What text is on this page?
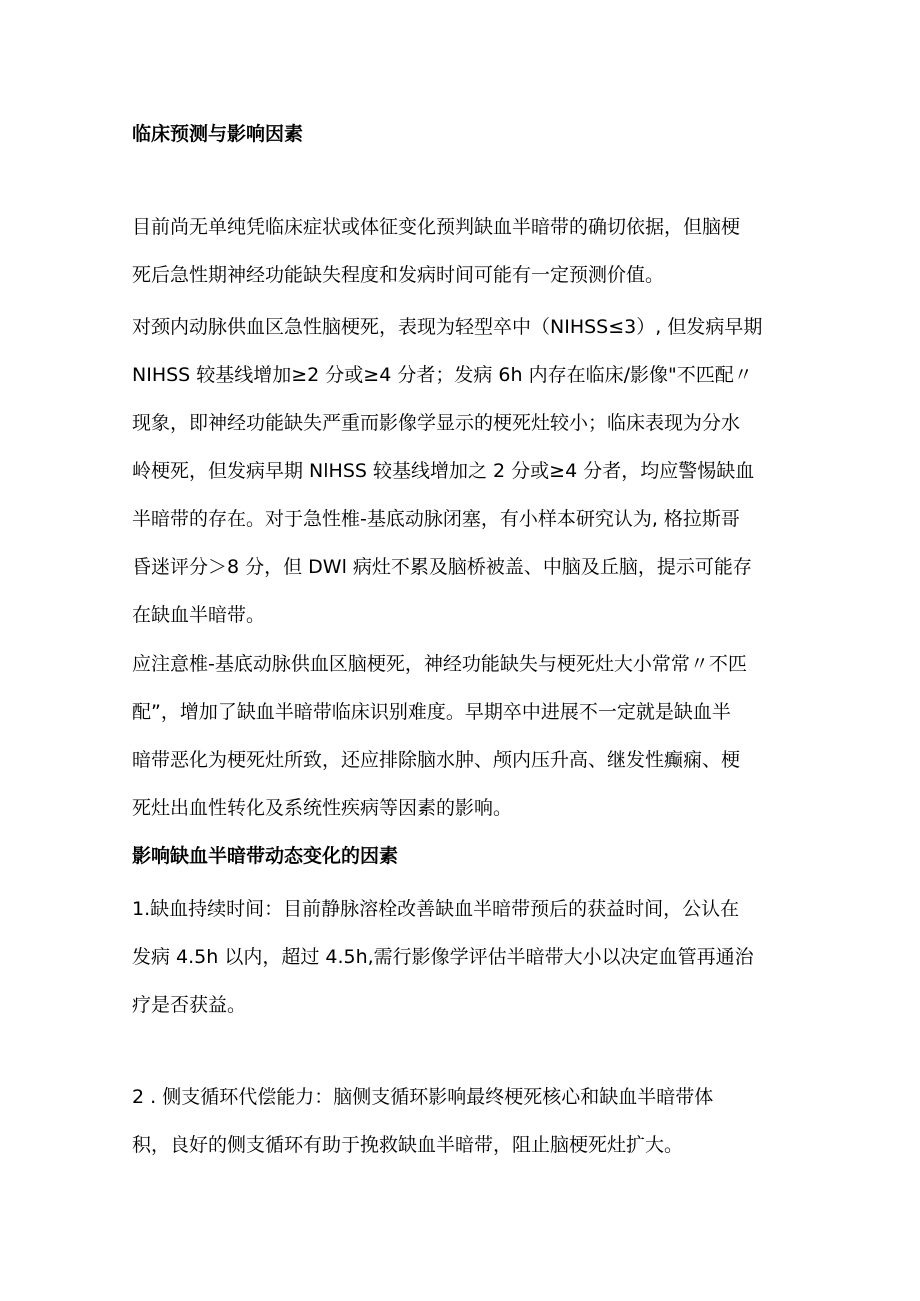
临床预测与影响因素
目前尚无单纯凭临床症状或体征变化预判缺血半暗带的确切依据，但脑梗
死后急性期神经功能缺失程度和发病时间可能有一定预测价值。
对颈内动脉供血区急性脑梗死，表现为轻型卒中（NIHSS≤3）, 但发病早期
NIHSS 较基线增加≥2 分或≥4 分者；发病 6h 内存在临床/影像"不匹配〃
现象，即神经功能缺失严重而影像学显示的梗死灶较小；临床表现为分水
岭梗死，但发病早期 NlHSS 较基线增加之 2 分或≥4 分者，均应警惕缺血
半暗带的存在。对于急性椎-基底动脉闭塞，有小样本研究认为, 格拉斯哥
昏迷评分＞8 分，但 DWl 病灶不累及脑桥被盖、中脑及丘脑，提示可能存
在缺血半暗带。
应注意椎-基底动脉供血区脑梗死，神经功能缺失与梗死灶大小常常〃不匹
配”，增加了缺血半暗带临床识别难度。早期卒中进展不一定就是缺血半
暗带恶化为梗死灶所致，还应排除脑水肿、颅内压升高、继发性癫痫、梗
死灶出血性转化及系统性疾病等因素的影响。
影响缺血半暗带动态变化的因素
1.缺血持续时间：目前静脉溶栓改善缺血半暗带预后的获益时间，公认在
发病 4.5h 以内，超过 4.5h,需行影像学评估半暗带大小以决定血管再通治
疗是否获益。
2 . 侧支循环代偿能力：脑侧支循环影响最终梗死核心和缺血半暗带体
积，良好的侧支循环有助于挽救缺血半暗带，阻止脑梗死灶扩大。
